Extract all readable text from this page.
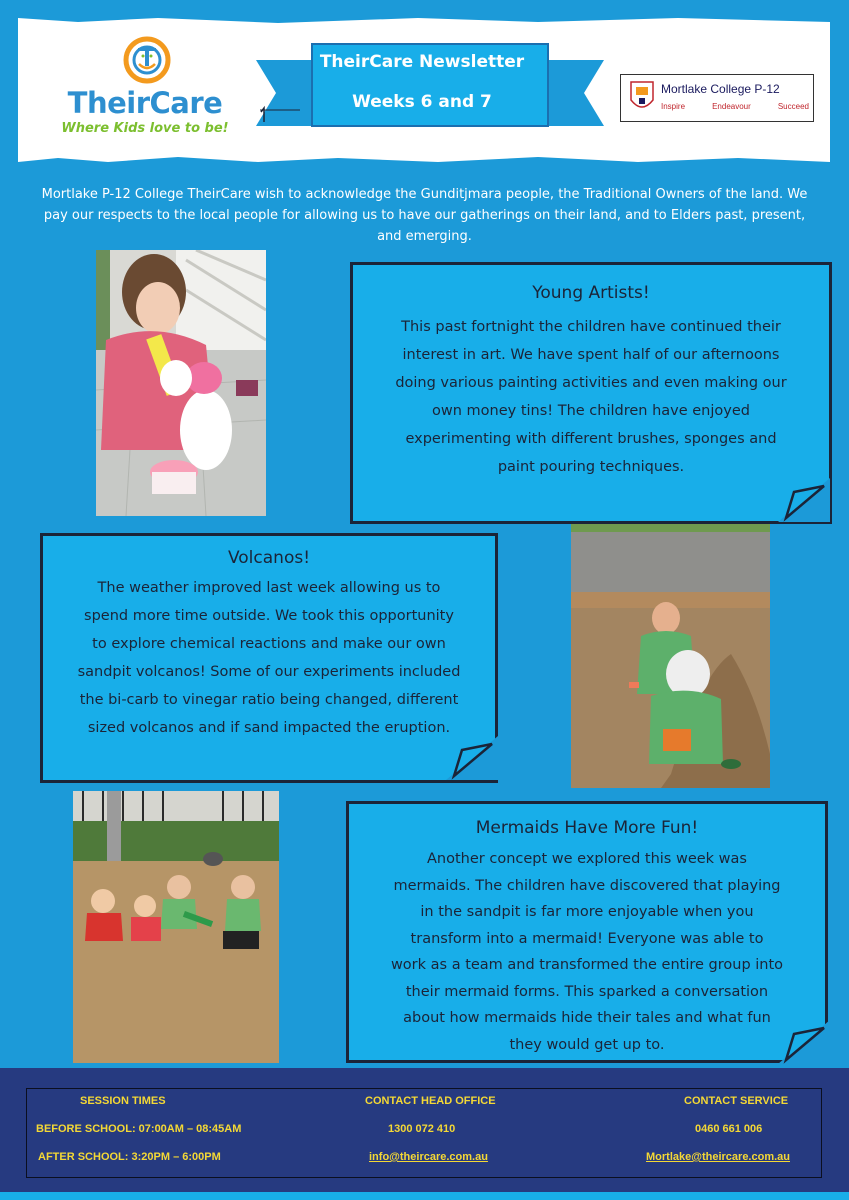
TheirCare
Where Kids love to be!
TheirCare Newsletter
Weeks 6 and 7
Mortlake College P-12
Inspire	Endeavour	Succeed
Mortlake P-12 College TheirCare wish to acknowledge the Gunditjmara people, the Traditional Owners of the land. We pay our respects to the local people for allowing us to have our gatherings on their land, and to Elders past, present, and emerging.
Young Artists!
This past fortnight the children have continued their
interest in art. We have spent half of our afternoons
doing various painting activities and even making our
own money tins! The children have enjoyed
experimenting with different brushes, sponges and
paint pouring techniques.
Volcanos!
The weather improved last week allowing us to
spend more time outside. We took this opportunity
to explore chemical reactions and make our own
sandpit volcanos! Some of our experiments included
the bi-carb to vinegar ratio being changed, different
sized volcanos and if sand impacted the eruption.
Mermaids Have More Fun!
Another concept we explored this week was
mermaids. The children have discovered that playing
in the sandpit is far more enjoyable when you
transform into a mermaid! Everyone was able to
work as a team and transformed the entire group into
their mermaid forms. This sparked a conversation
about how mermaids hide their tales and what fun
they would get up to.
SESSION TIMES
BEFORE SCHOOL: 07:00AM – 08:45AM
AFTER SCHOOL: 3:20PM – 6:00PM
CONTACT HEAD OFFICE
1300 072 410
info@theircare.com.au
CONTACT SERVICE
0460 661 006
Mortlake@theircare.com.au
